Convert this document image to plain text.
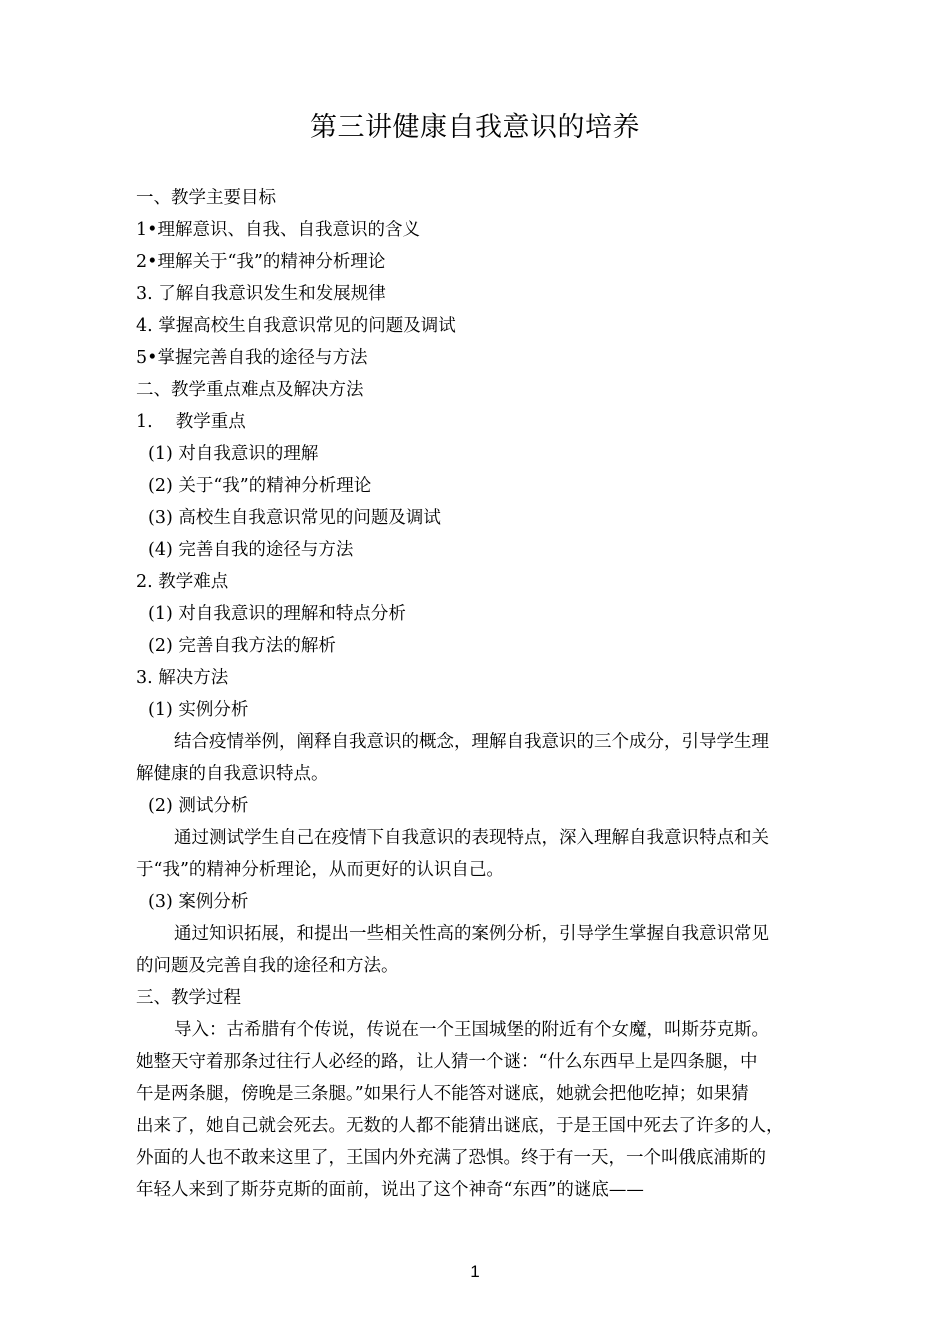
第三讲健康自我意识的培养
一、教学主要目标
1•理解意识、自我、自我意识的含义
2•理解关于“我”的精神分析理论
3. 了解自我意识发生和发展规律
4. 掌握高校生自我意识常见的问题及调试
5•掌握完善自我的途径与方法
二、教学重点难点及解决方法
1.　 教学重点
(1) 对自我意识的理解
(2) 关于“我”的精神分析理论
(3) 高校生自我意识常见的问题及调试
(4) 完善自我的途径与方法
2. 教学难点
(1) 对自我意识的理解和特点分析
(2) 完善自我方法的解析
3. 解决方法
(1) 实例分析
结合疫情举例，阐释自我意识的概念，理解自我意识的三个成分，引导学生理
解健康的自我意识特点。
(2) 测试分析
通过测试学生自己在疫情下自我意识的表现特点，深入理解自我意识特点和关
于“我”的精神分析理论，从而更好的认识自己。
(3) 案例分析
通过知识拓展，和提出一些相关性高的案例分析，引导学生掌握自我意识常见
的问题及完善自我的途径和方法。
三、教学过程
导入：古希腊有个传说，传说在一个王国城堡的附近有个女魔，叫斯芬克斯。
她整天守着那条过往行人必经的路，让人猜一个谜：“什么东西早上是四条腿，中
午是两条腿，傍晚是三条腿。”如果行人不能答对谜底，她就会把他吃掉；如果猜
出来了，她自己就会死去。无数的人都不能猜出谜底，于是王国中死去了许多的人，
外面的人也不敢来这里了，王国内外充满了恐惧。终于有一天，一个叫俄底浦斯的
年轻人来到了斯芬克斯的面前，说出了这个神奇“东西”的谜底——
1
